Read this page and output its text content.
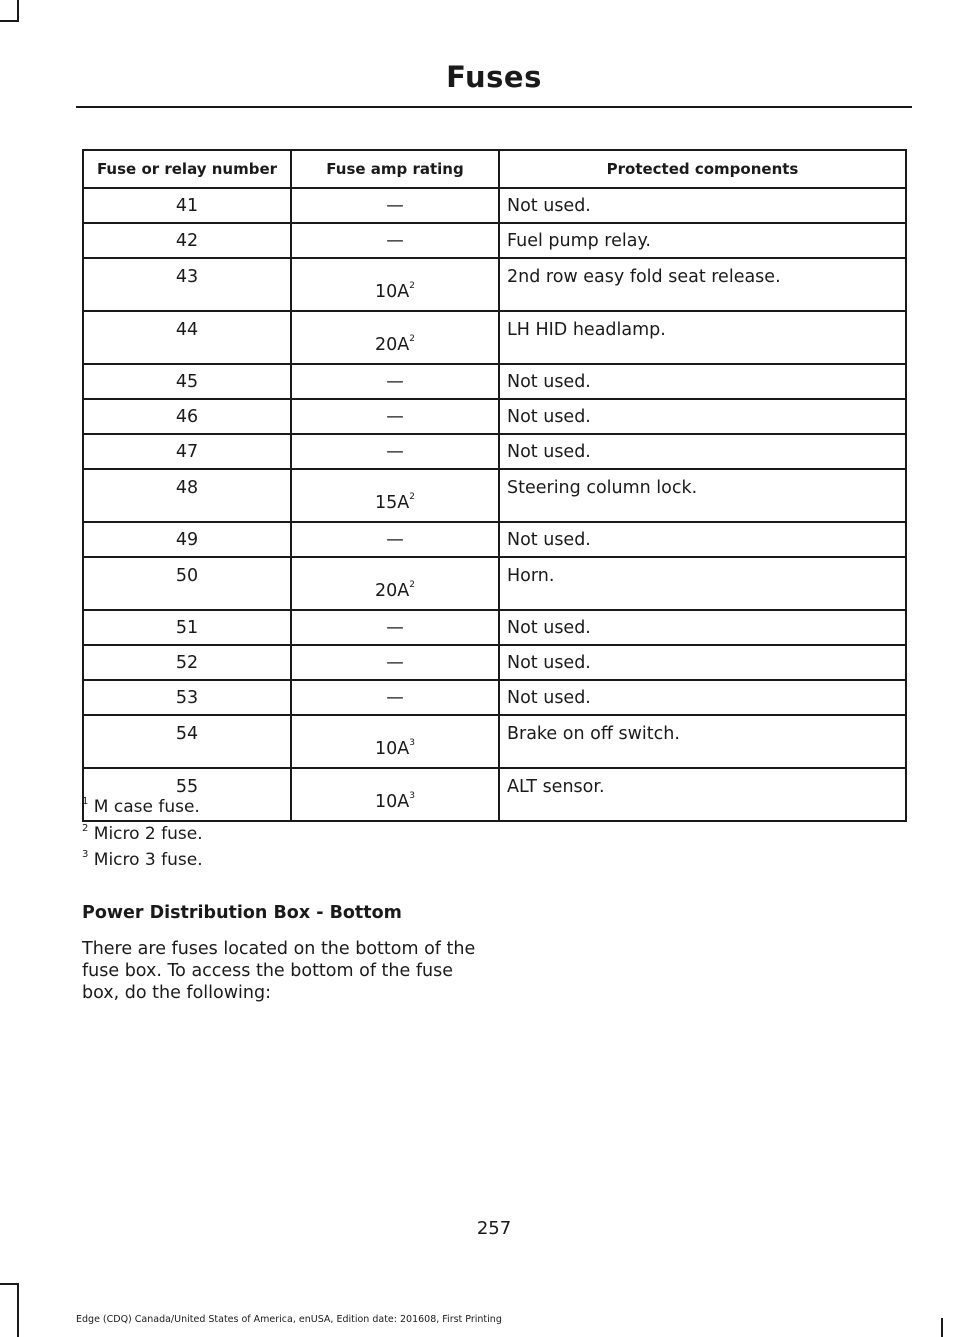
Fuses
Fuse or relay number	Fuse amp rating	Protected components
41	—	Not used.
42	—	Fuel pump relay.
43	$10A^2$	2nd row easy fold seat release.
44	$20A^2$	LH HID headlamp.
45	—	Not used.
46	—	Not used.
47	—	Not used.
48	$15A^2$	Steering column lock.
49	—	Not used.
50	$20A^2$	Horn.
51	—	Not used.
52	—	Not used.
53	—	Not used.
54	$10A^3$	Brake on off switch.
55	$10A^3$	ALT sensor.
$^1$ M case fuse.
$^2$ Micro 2 fuse.
$^3$ Micro 3 fuse.
Power Distribution Box - Bottom
There are fuses located on the bottom of the fuse box. To access the bottom of the fuse box, do the following:
257
Edge (CDQ) Canada/United States of America, enUSA, Edition date: 201608, First Printing
